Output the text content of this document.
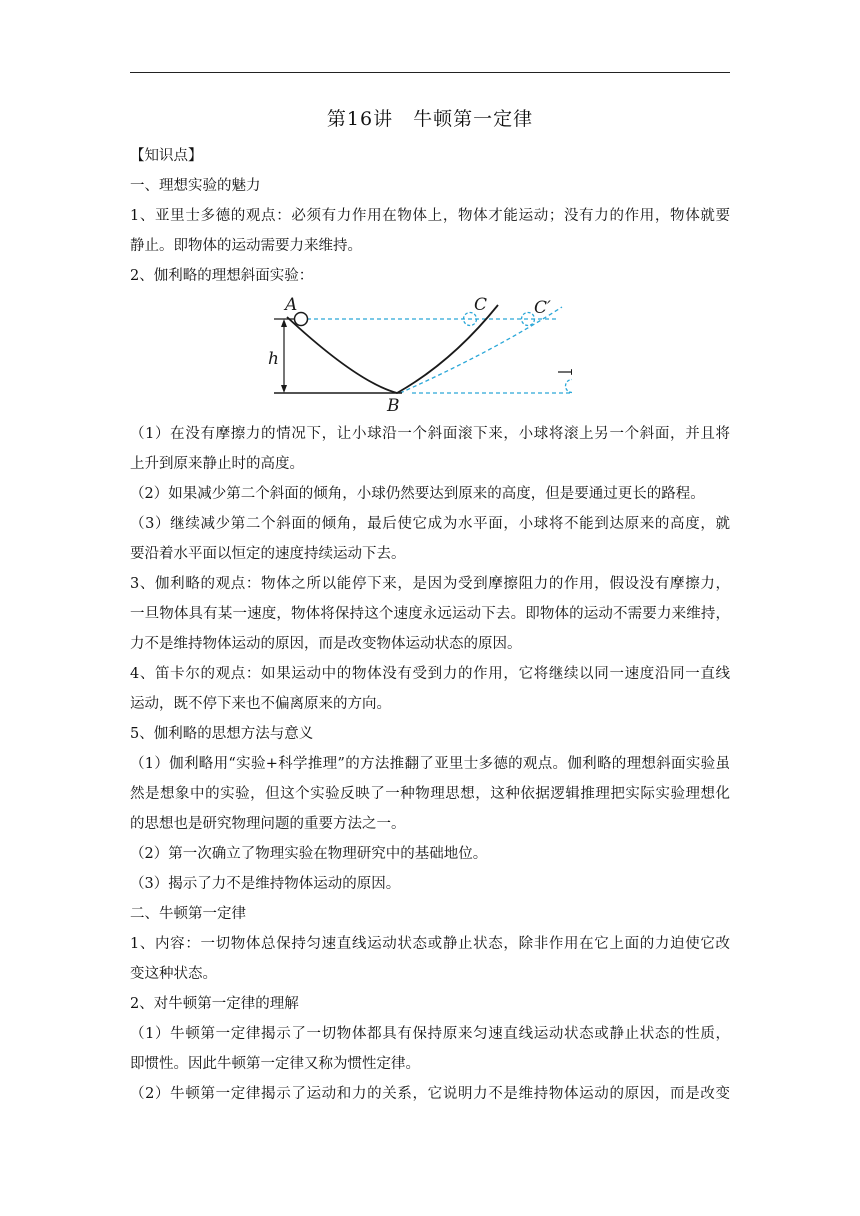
第16讲　牛顿第一定律
【知识点】
一、理想实验的魅力
1、亚里士多德的观点：必须有力作用在物体上，物体才能运动；没有力的作用，物体就要
静止。即物体的运动需要力来维持。
2、伽利略的理想斜面实验：
A
B
C	C′
h
（1）在没有摩擦力的情况下，让小球沿一个斜面滚下来，小球将滚上另一个斜面，并且将
上升到原来静止时的高度。
（2）如果减少第二个斜面的倾角，小球仍然要达到原来的高度，但是要通过更长的路程。
（3）继续减少第二个斜面的倾角，最后使它成为水平面，小球将不能到达原来的高度，就
要沿着水平面以恒定的速度持续运动下去。
3、伽利略的观点：物体之所以能停下来，是因为受到摩擦阻力的作用，假设没有摩擦力，
一旦物体具有某一速度，物体将保持这个速度永远运动下去。即物体的运动不需要力来维持，
力不是维持物体运动的原因，而是改变物体运动状态的原因。
4、笛卡尔的观点：如果运动中的物体没有受到力的作用，它将继续以同一速度沿同一直线
运动，既不停下来也不偏离原来的方向。
5、伽利略的思想方法与意义
（1）伽利略用“实验+科学推理”的方法推翻了亚里士多德的观点。伽利略的理想斜面实验虽
然是想象中的实验，但这个实验反映了一种物理思想，这种依据逻辑推理把实际实验理想化
的思想也是研究物理问题的重要方法之一。
（2）第一次确立了物理实验在物理研究中的基础地位。
（3）揭示了力不是维持物体运动的原因。
二、牛顿第一定律
1、内容：一切物体总保持匀速直线运动状态或静止状态，除非作用在它上面的力迫使它改
变这种状态。
2、对牛顿第一定律的理解
（1）牛顿第一定律揭示了一切物体都具有保持原来匀速直线运动状态或静止状态的性质，
即惯性。因此牛顿第一定律又称为惯性定律。
（2）牛顿第一定律揭示了运动和力的关系，它说明力不是维持物体运动的原因，而是改变
